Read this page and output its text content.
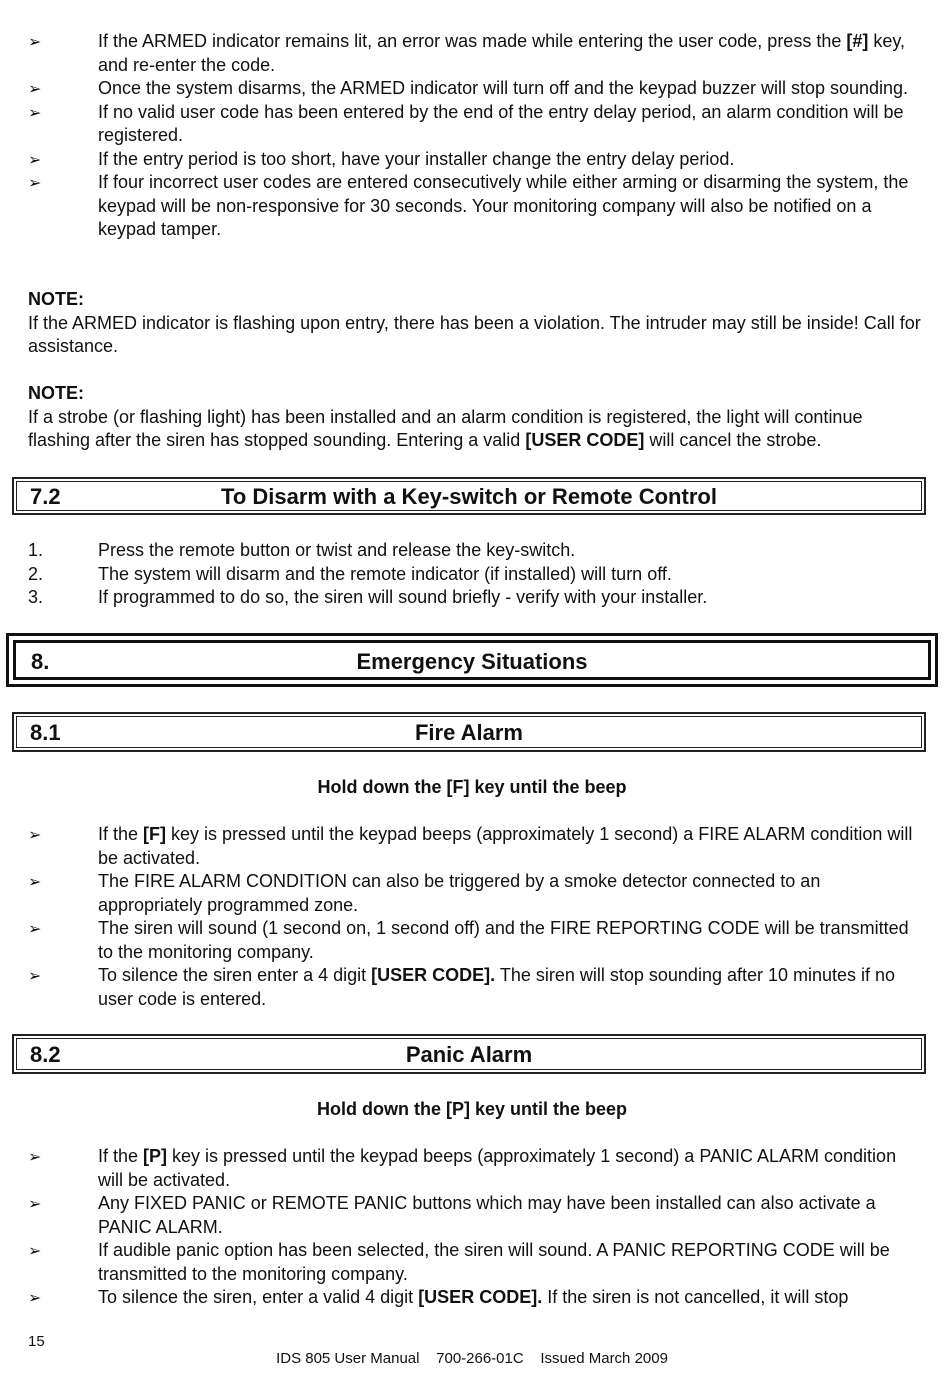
➢	If the ARMED indicator remains lit, an error was made while entering the user code, press the [#] key, and re-enter the code.
➢	Once the system disarms, the ARMED indicator will turn off and the keypad buzzer will stop sounding.
➢	If no valid user code has been entered by the end of the entry delay period, an alarm condition will be registered.
➢	If the entry period is too short, have your installer change the entry delay period.
➢	If four incorrect user codes are entered consecutively while either arming or disarming the system, the keypad will be non-responsive for 30 seconds. Your monitoring company will also be notified on a keypad tamper.
NOTE:
If the ARMED indicator is flashing upon entry, there has been a violation. The intruder may still be inside! Call for assistance.
NOTE:
If a strobe (or flashing light) has been installed and an alarm condition is registered, the light will continue flashing after the siren has stopped sounding. Entering a valid [USER CODE] will cancel the strobe.
7.2	To Disarm with a Key-switch or Remote Control
1.	Press the remote button or twist and release the key-switch.
2.	The system will disarm and the remote indicator (if installed) will turn off.
3.	If programmed to do so, the siren will sound briefly - verify with your installer.
8.	Emergency Situations
8.1	Fire Alarm
Hold down the [F] key until the beep
➢	If the [F] key is pressed until the keypad beeps (approximately 1 second) a FIRE ALARM condition will be activated.
➢	The FIRE ALARM CONDITION can also be triggered by a smoke detector connected to an appropriately programmed zone.
➢	The siren will sound (1 second on, 1 second off) and the FIRE REPORTING CODE will be transmitted to the monitoring company.
➢	To silence the siren enter a 4 digit [USER CODE]. The siren will stop sounding after 10 minutes if no user code is entered.
8.2	Panic Alarm
Hold down the [P] key until the beep
➢	If the [P] key is pressed until the keypad beeps (approximately 1 second) a PANIC ALARM condition will be activated.
➢	Any FIXED PANIC or REMOTE PANIC buttons which may have been installed can also activate a PANIC ALARM.
➢	If audible panic option has been selected, the siren will sound. A PANIC REPORTING CODE will be transmitted to the monitoring company.
➢	To silence the siren, enter a valid 4 digit [USER CODE]. If the siren is not cancelled, it will stop
15
IDS 805 User Manual    700-266-01C    Issued March 2009
